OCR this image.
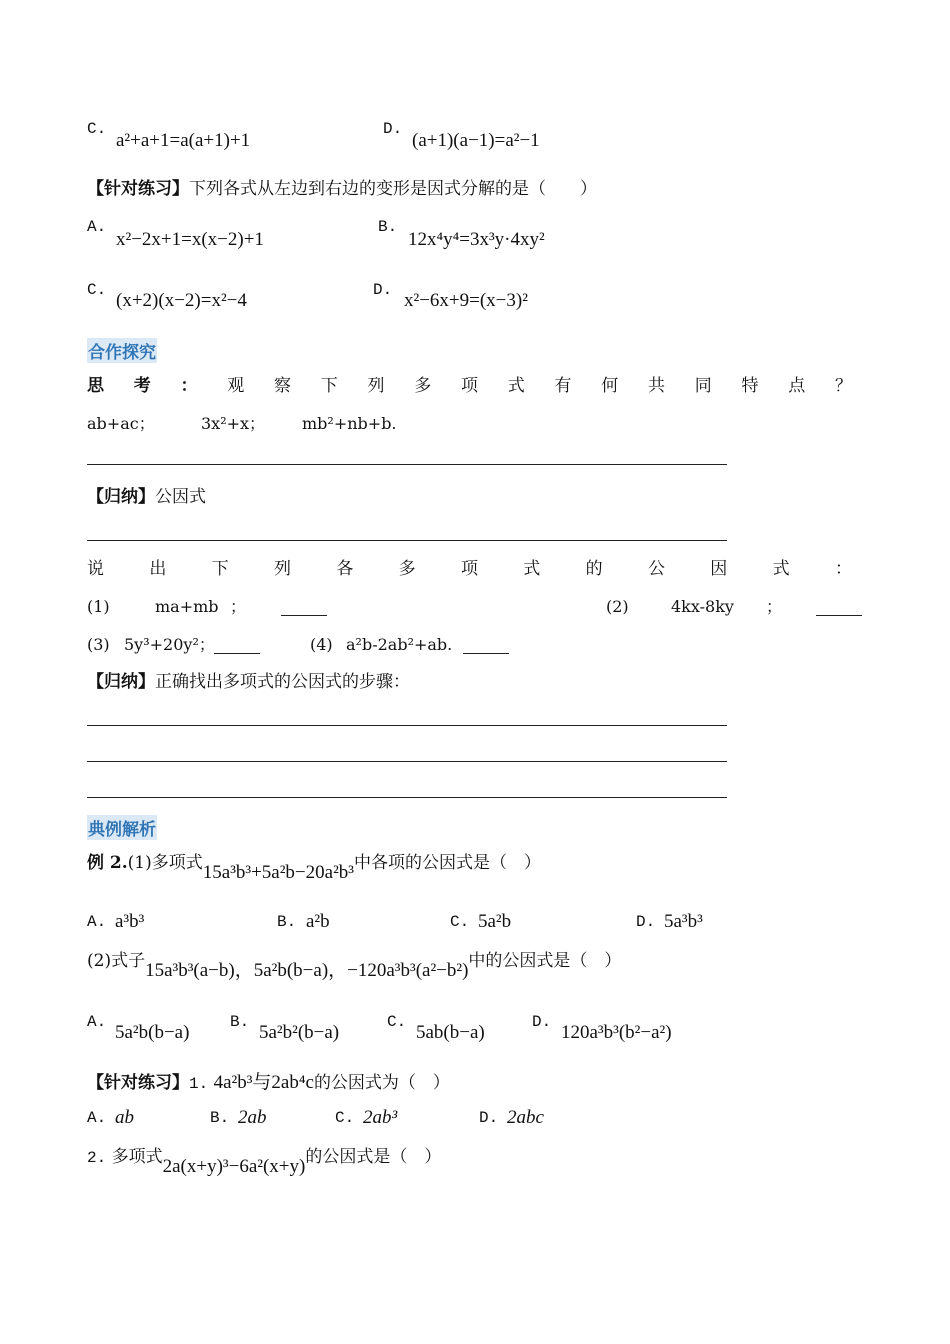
C.
a²+a+1=a(a+1)+1
D.
(a+1)(a−1)=a²−1
【针对练习】下列各式从左边到右边的变形是因式分解的是（　　）
A.
x²−2x+1=x(x−2)+1
B.
12x⁴y⁴=3x³y·4xy²
C. (x+2)(x−2)=x²−4	D. x²−6x+9=(x−3)²
合作探究
思 考 ： 观 察 下 列 多 项 式 有 何 共 同 特 点 ？
ab+ac；	3x²+x； mb²+nb+b.
【归纳】公因式
说	出	下	列	各	多	项	式	的	公	因	式	：
(1)	ma+mb ；	(2)	4kx-8ky ；
(3) 5y³+20y²；	(4) a²b-2ab²+ab.
【归纳】正确找出多项式的公因式的步骤：
典例解析
例 2.(1)多项式15a³b³+5a²b−20a²b³中各项的公因式是（　）
A. a³b³	B. a²b	C. 5a²b	D. 5a³b³
(2)式子15a³b³(a−b)，5a²b(b−a)，−120a³b³(a²−b²)中的公因式是（　）
A. 5a²b(b−a)	B. 5a²b²(b−a)	C. 5ab(b−a)	D. 120a³b³(b²−a²)
【针对练习】1. 4a²b³与2ab⁴c的公因式为（　）
A. ab	B. 2ab	C. 2ab³	D. 2abc
2. 多项式2a(x+y)³−6a²(x+y)的公因式是（　）
